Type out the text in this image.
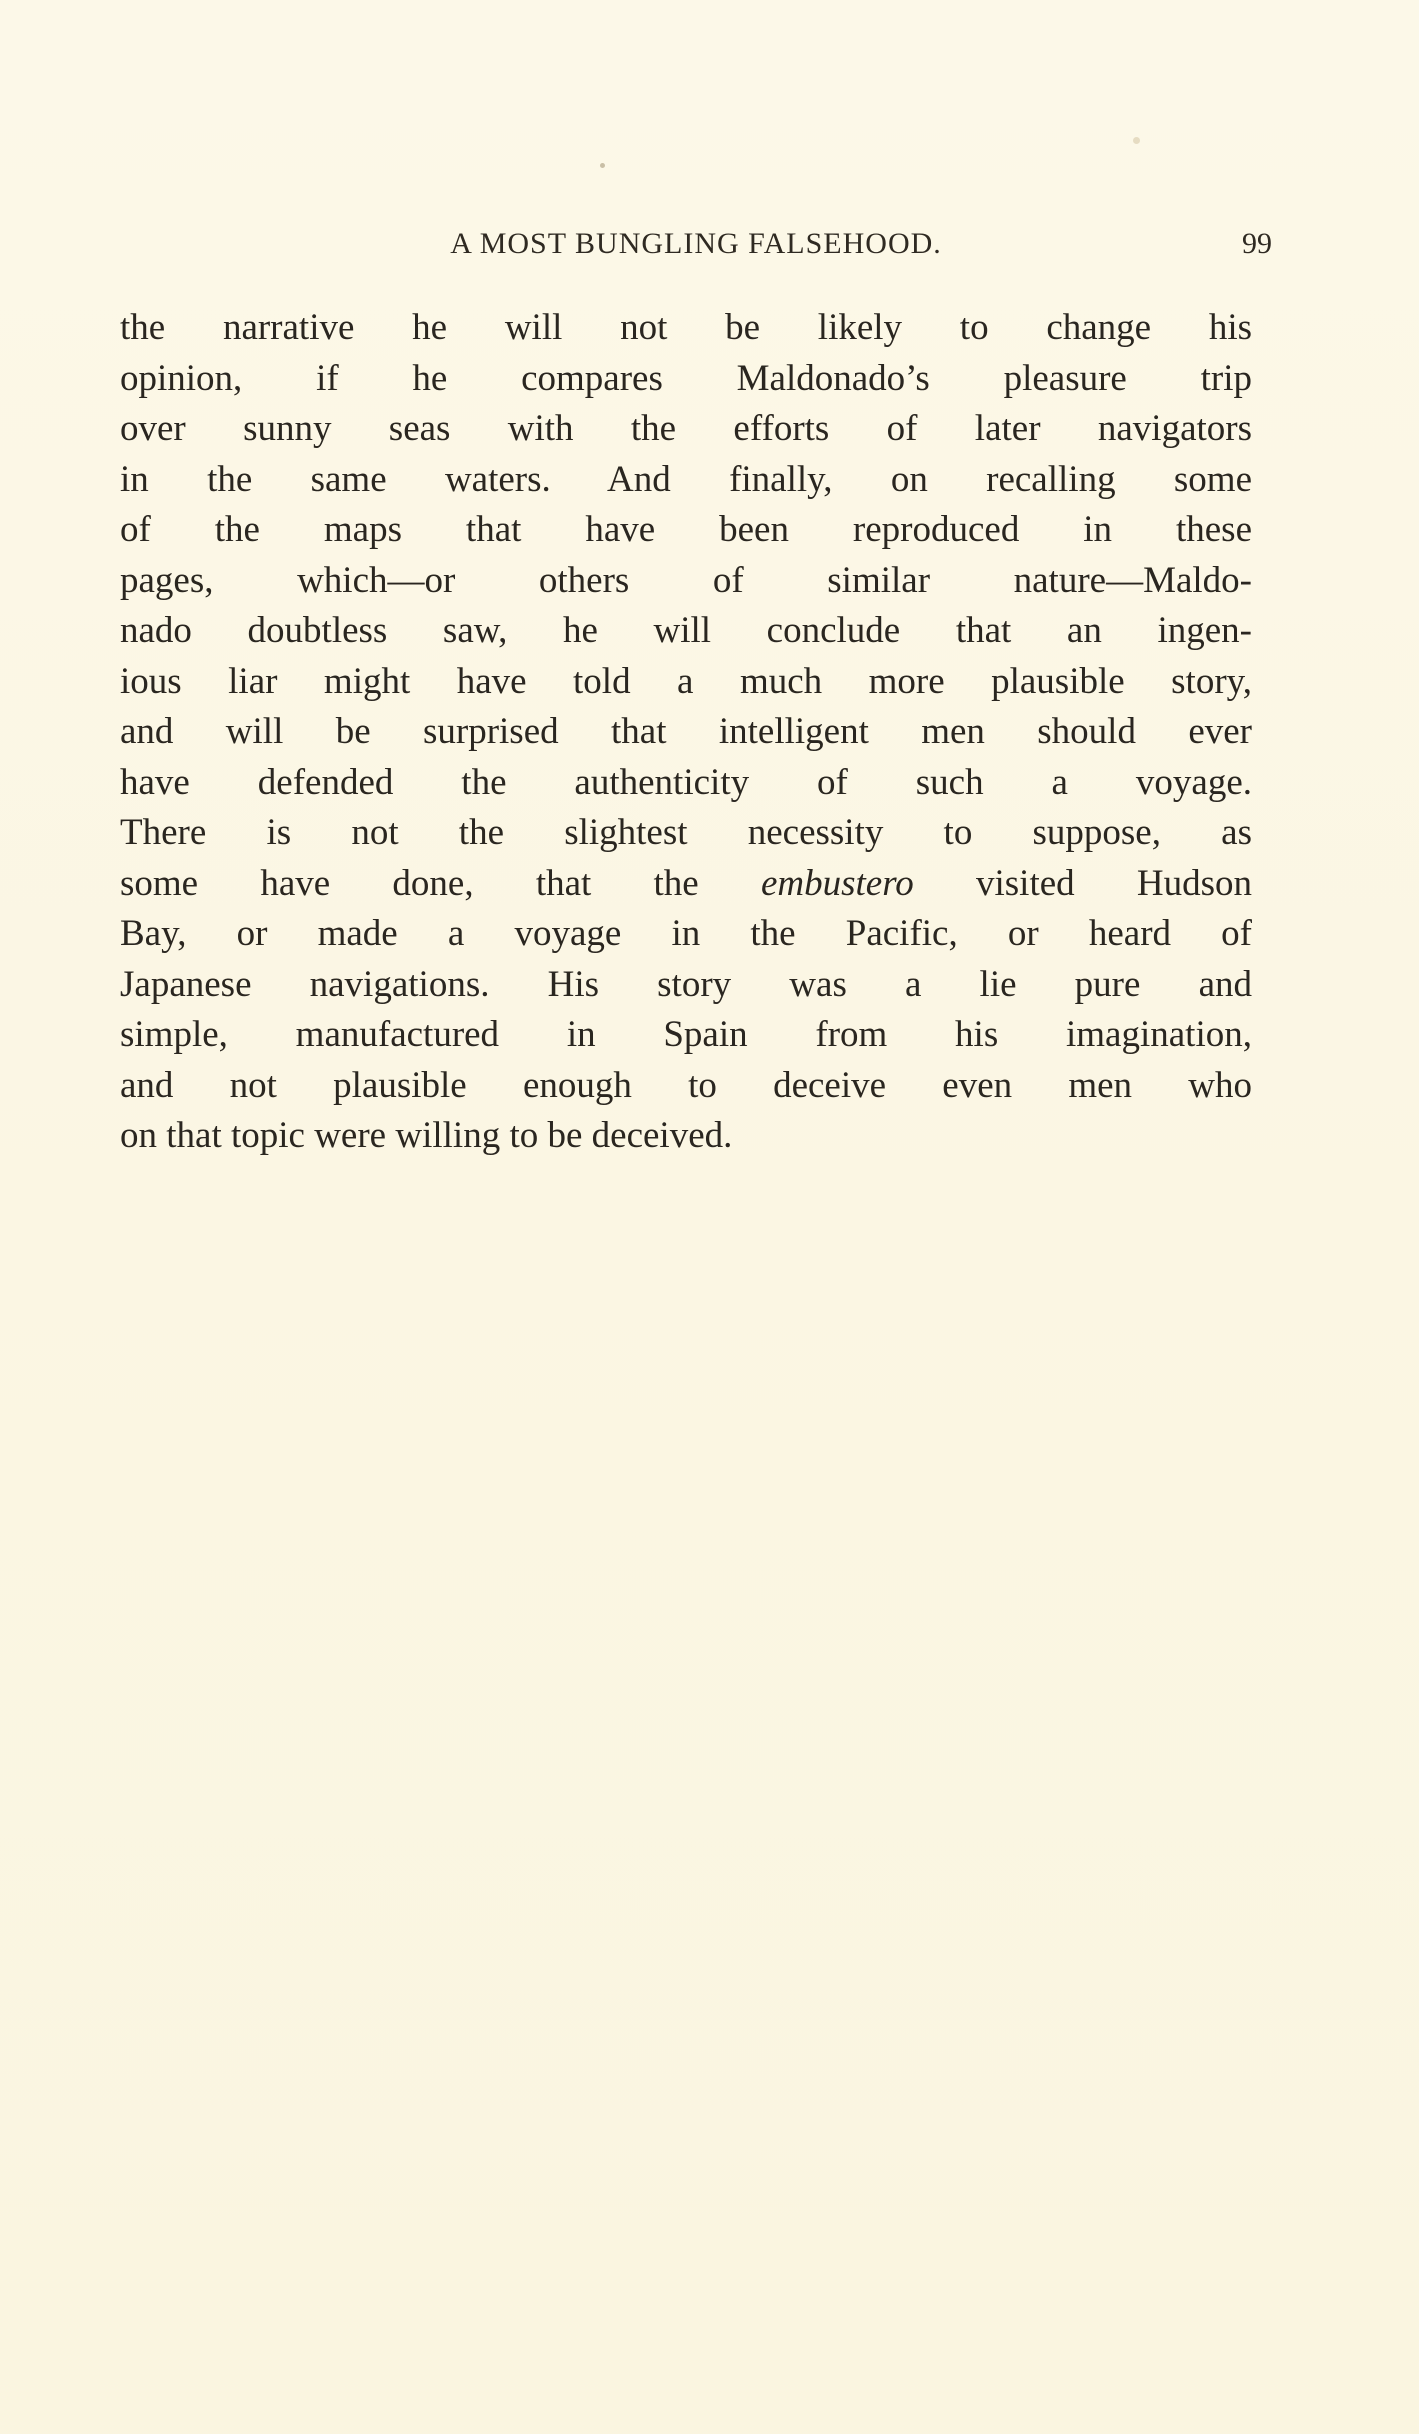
A MOST BUNGLING FALSEHOOD.	99
the narrative he will not be likely to change his
opinion, if he compares Maldonado’s pleasure trip
over sunny seas with the efforts of later navigators
in the same waters. And finally, on recalling some
of the maps that have been reproduced in these
pages, which—or others of similar nature—Maldo-
nado doubtless saw, he will conclude that an ingen-
ious liar might have told a much more plausible story,
and will be surprised that intelligent men should ever
have defended the authenticity of such a voyage.
There is not the slightest necessity to suppose, as
some have done, that the embustero visited Hudson
Bay, or made a voyage in the Pacific, or heard of
Japanese navigations. His story was a lie pure and
simple, manufactured in Spain from his imagination,
and not plausible enough to deceive even men who
on that topic were willing to be deceived.
